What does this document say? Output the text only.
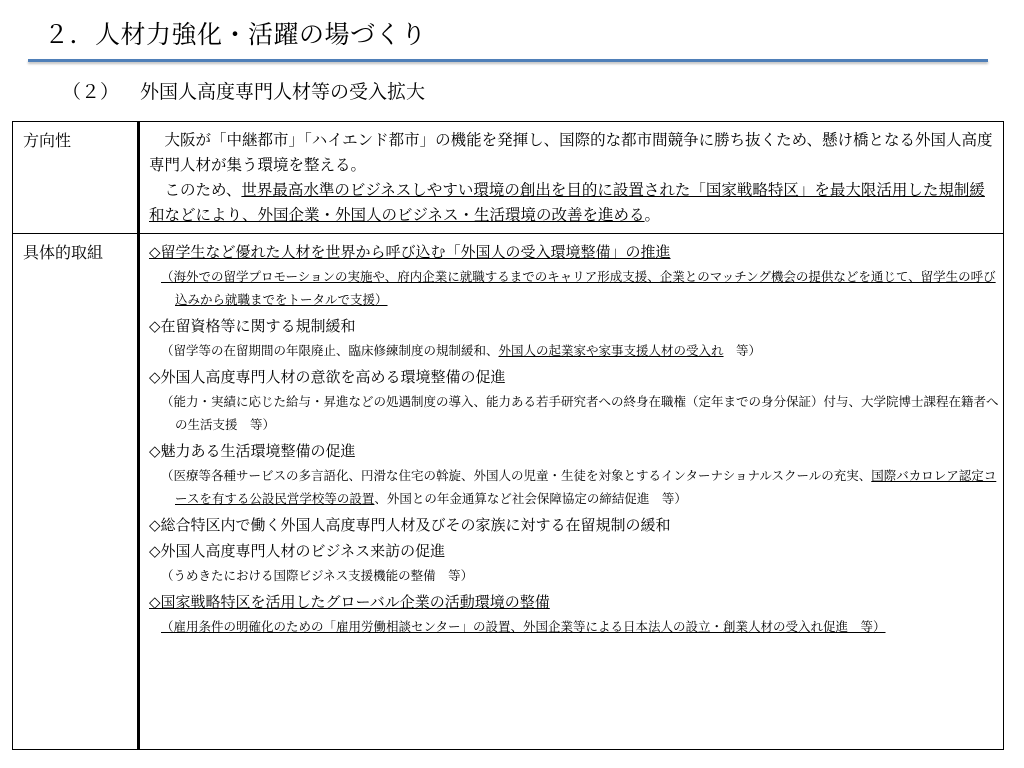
２．人材力強化・活躍の場づくり
（２） 外国人高度専門人材等の受入拡大
方向性	大阪が「中継都市」「ハイエンド都市」の機能を発揮し、国際的な都市間競争に勝ち抜くため、懸け橋となる外国人高度専門人材が集う環境を整える。

このため、世界最高水準のビジネスしやすい環境の創出を目的に設置された「国家戦略特区」を最大限活用した規制緩和などにより、外国企業・外国人のビジネス・生活環境の改善を進める。

具体的取組	◇留学生など優れた人材を世界から呼び込む「外国人の受入環境整備」の推進
（海外での留学プロモーションの実施や、府内企業に就職するまでのキャリア形成支援、企業とのマッチング機会の提供などを通じて、留学生の呼び込みから就職までをトータルで支援）
◇在留資格等に関する規制緩和
（留学等の在留期間の年限廃止、臨床修練制度の規制緩和、外国人の起業家や家事支援人材の受入れ　等）
◇外国人高度専門人材の意欲を高める環境整備の促進
（能力・実績に応じた給与・昇進などの処遇制度の導入、能力ある若手研究者への終身在職権（定年までの身分保証）付与、大学院博士課程在籍者への生活支援　等）
◇魅力ある生活環境整備の促進
（医療等各種サービスの多言語化、円滑な住宅の斡旋、外国人の児童・生徒を対象とするインターナショナルスクールの充実、国際バカロレア認定コースを有する公設民営学校等の設置、外国との年金通算など社会保障協定の締結促進　等）
◇総合特区内で働く外国人高度専門人材及びその家族に対する在留規制の緩和
◇外国人高度専門人材のビジネス来訪の促進
（うめきたにおける国際ビジネス支援機能の整備　等）
◇国家戦略特区を活用したグローバル企業の活動環境の整備
（雇用条件の明確化のための「雇用労働相談センター」の設置、外国企業等による日本法人の設立・創業人材の受入れ促進　等）
